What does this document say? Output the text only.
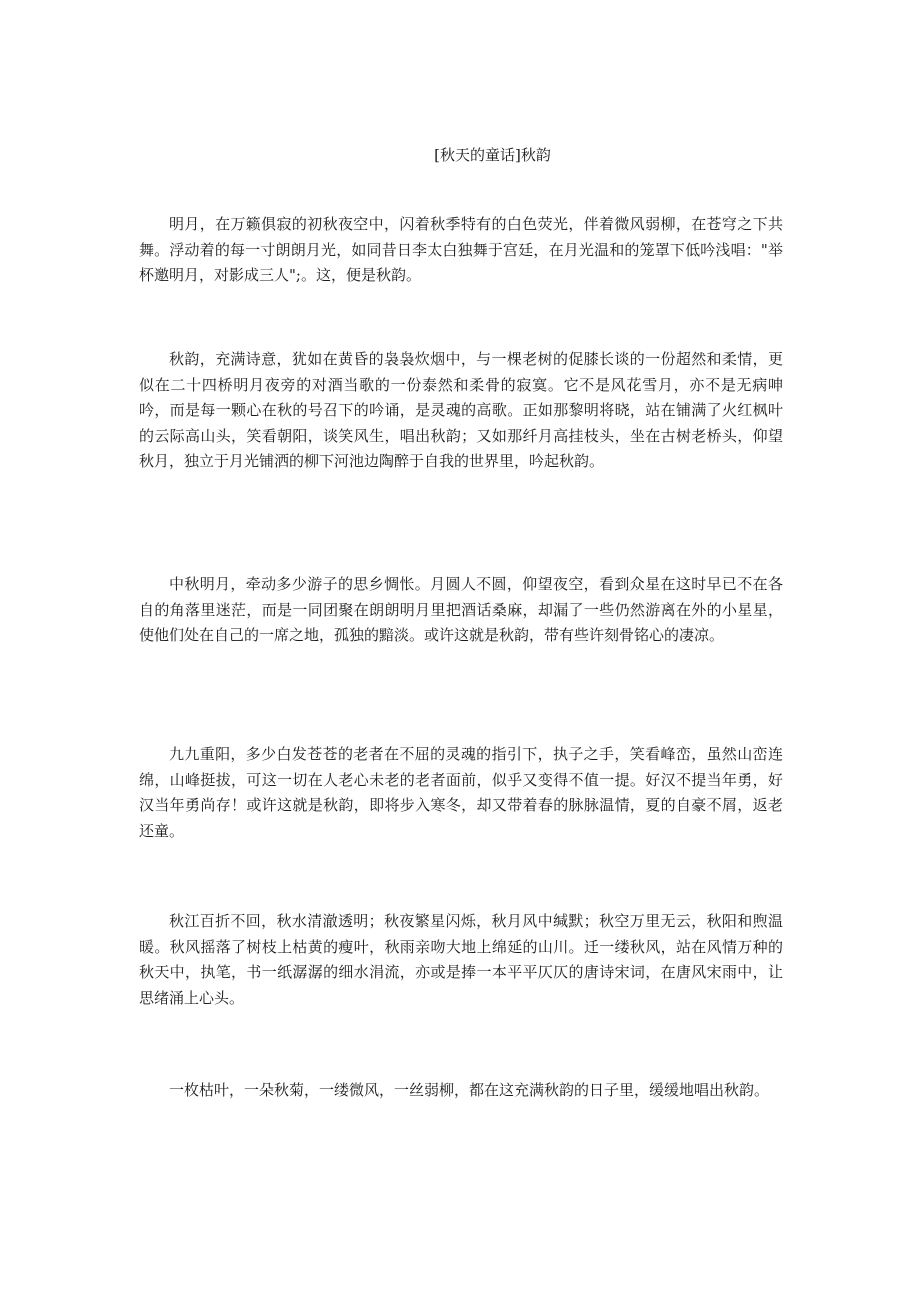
[秋天的童话]秋韵

明月，在万籁俱寂的初秋夜空中，闪着秋季特有的白色荧光，伴着微风弱柳，在苍穹之下共舞。浮动着的每一寸朗朗月光，如同昔日李太白独舞于宫廷，在月光温和的笼罩下低吟浅唱："举杯邀明月，对影成三人";。这，便是秋韵。

秋韵，充满诗意，犹如在黄昏的袅袅炊烟中，与一棵老树的促膝长谈的一份超然和柔情，更似在二十四桥明月夜旁的对酒当歌的一份泰然和柔骨的寂寞。它不是风花雪月，亦不是无病呻吟，而是每一颗心在秋的号召下的吟诵，是灵魂的高歌。正如那黎明将晓，站在铺满了火红枫叶的云际高山头，笑看朝阳，谈笑风生，唱出秋韵；又如那纤月高挂枝头，坐在古树老桥头，仰望秋月，独立于月光铺洒的柳下河池边陶醉于自我的世界里，吟起秋韵。

中秋明月，牵动多少游子的思乡惆怅。月圆人不圆，仰望夜空，看到众星在这时早已不在各自的角落里迷茫，而是一同团聚在朗朗明月里把酒话桑麻，却漏了一些仍然游离在外的小星星，使他们处在自己的一席之地，孤独的黯淡。或许这就是秋韵，带有些许刻骨铭心的凄凉。

九九重阳，多少白发苍苍的老者在不屈的灵魂的指引下，执子之手，笑看峰峦，虽然山峦连绵，山峰挺拔，可这一切在人老心未老的老者面前，似乎又变得不值一提。好汉不提当年勇，好汉当年勇尚存！或许这就是秋韵，即将步入寒冬，却又带着春的脉脉温情，夏的自豪不屑，返老还童。

秋江百折不回，秋水清澈透明；秋夜繁星闪烁，秋月风中缄默；秋空万里无云，秋阳和煦温暖。秋风摇落了树枝上枯黄的瘦叶，秋雨亲吻大地上绵延的山川。迁一缕秋风，站在风情万种的秋天中，执笔，书一纸潺潺的细水涓流，亦或是捧一本平平仄仄的唐诗宋词，在唐风宋雨中，让思绪涌上心头。

一枚枯叶，一朵秋菊，一缕微风，一丝弱柳，都在这充满秋韵的日子里，缓缓地唱出秋韵。
